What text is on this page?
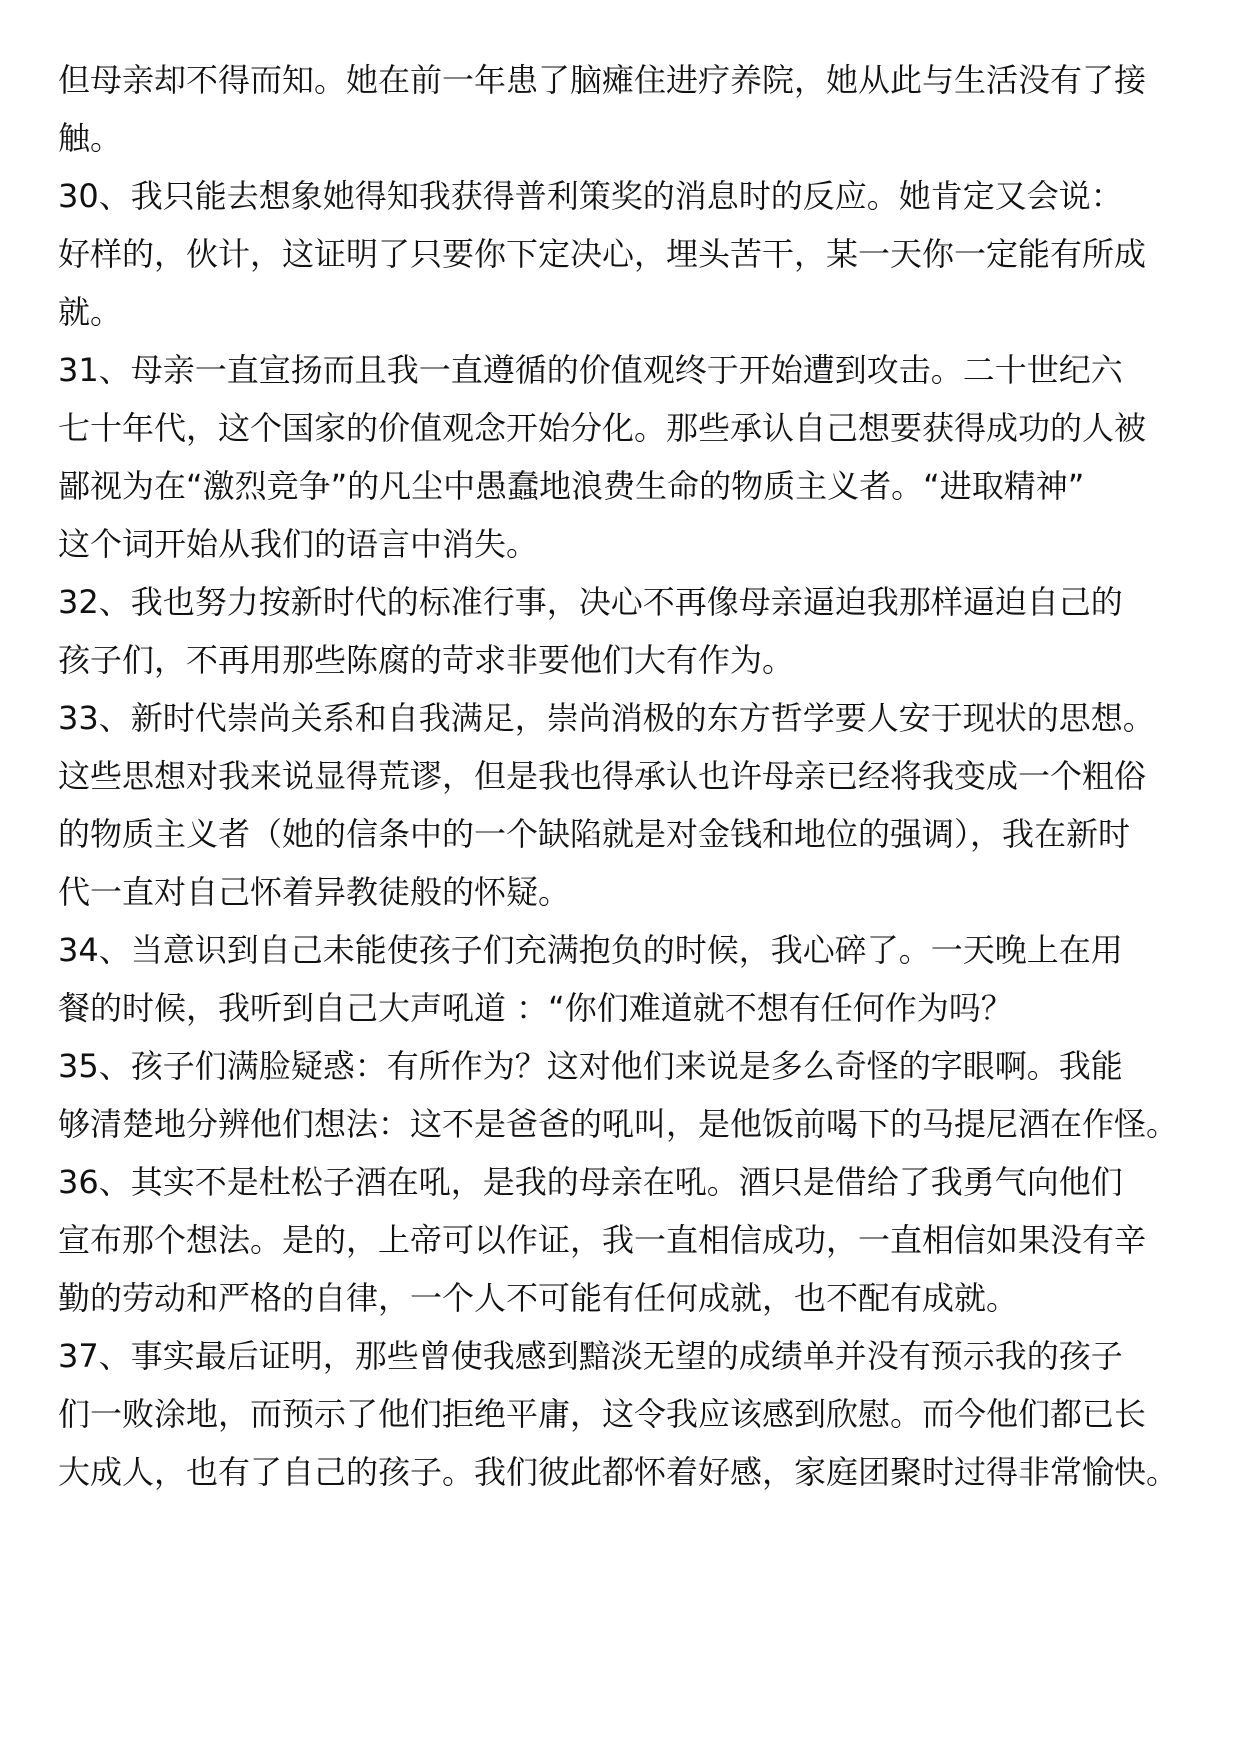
但母亲却不得而知。她在前一年患了脑瘫住进疗养院，她从此与生活没有了接
触。
30、我只能去想象她得知我获得普利策奖的消息时的反应。她肯定又会说：
好样的，伙计，这证明了只要你下定决心，埋头苦干，某一天你一定能有所成
就。
31、母亲一直宣扬而且我一直遵循的价值观终于开始遭到攻击。二十世纪六
七十年代，这个国家的价值观念开始分化。那些承认自己想要获得成功的人被
鄙视为在“激烈竞争”的凡尘中愚蠢地浪费生命的物质主义者。“进取精神”
这个词开始从我们的语言中消失。
32、我也努力按新时代的标准行事，决心不再像母亲逼迫我那样逼迫自己的
孩子们，不再用那些陈腐的苛求非要他们大有作为。
33、新时代崇尚关系和自我满足，崇尚消极的东方哲学要人安于现状的思想。
这些思想对我来说显得荒谬，但是我也得承认也许母亲已经将我变成一个粗俗
的物质主义者（她的信条中的一个缺陷就是对金钱和地位的强调），我在新时
代一直对自己怀着异教徒般的怀疑。
34、当意识到自己未能使孩子们充满抱负的时候，我心碎了。一天晚上在用
餐的时候，我听到自己大声吼道 ：“你们难道就不想有任何作为吗？
35、孩子们满脸疑惑：有所作为？这对他们来说是多么奇怪的字眼啊。我能
够清楚地分辨他们想法：这不是爸爸的吼叫，是他饭前喝下的马提尼酒在作怪。
36、其实不是杜松子酒在吼，是我的母亲在吼。酒只是借给了我勇气向他们
宣布那个想法。是的，上帝可以作证，我一直相信成功，一直相信如果没有辛
勤的劳动和严格的自律，一个人不可能有任何成就，也不配有成就。
37、事实最后证明，那些曾使我感到黯淡无望的成绩单并没有预示我的孩子
们一败涂地，而预示了他们拒绝平庸，这令我应该感到欣慰。而今他们都已长
大成人，也有了自己的孩子。我们彼此都怀着好感，家庭团聚时过得非常愉快。
